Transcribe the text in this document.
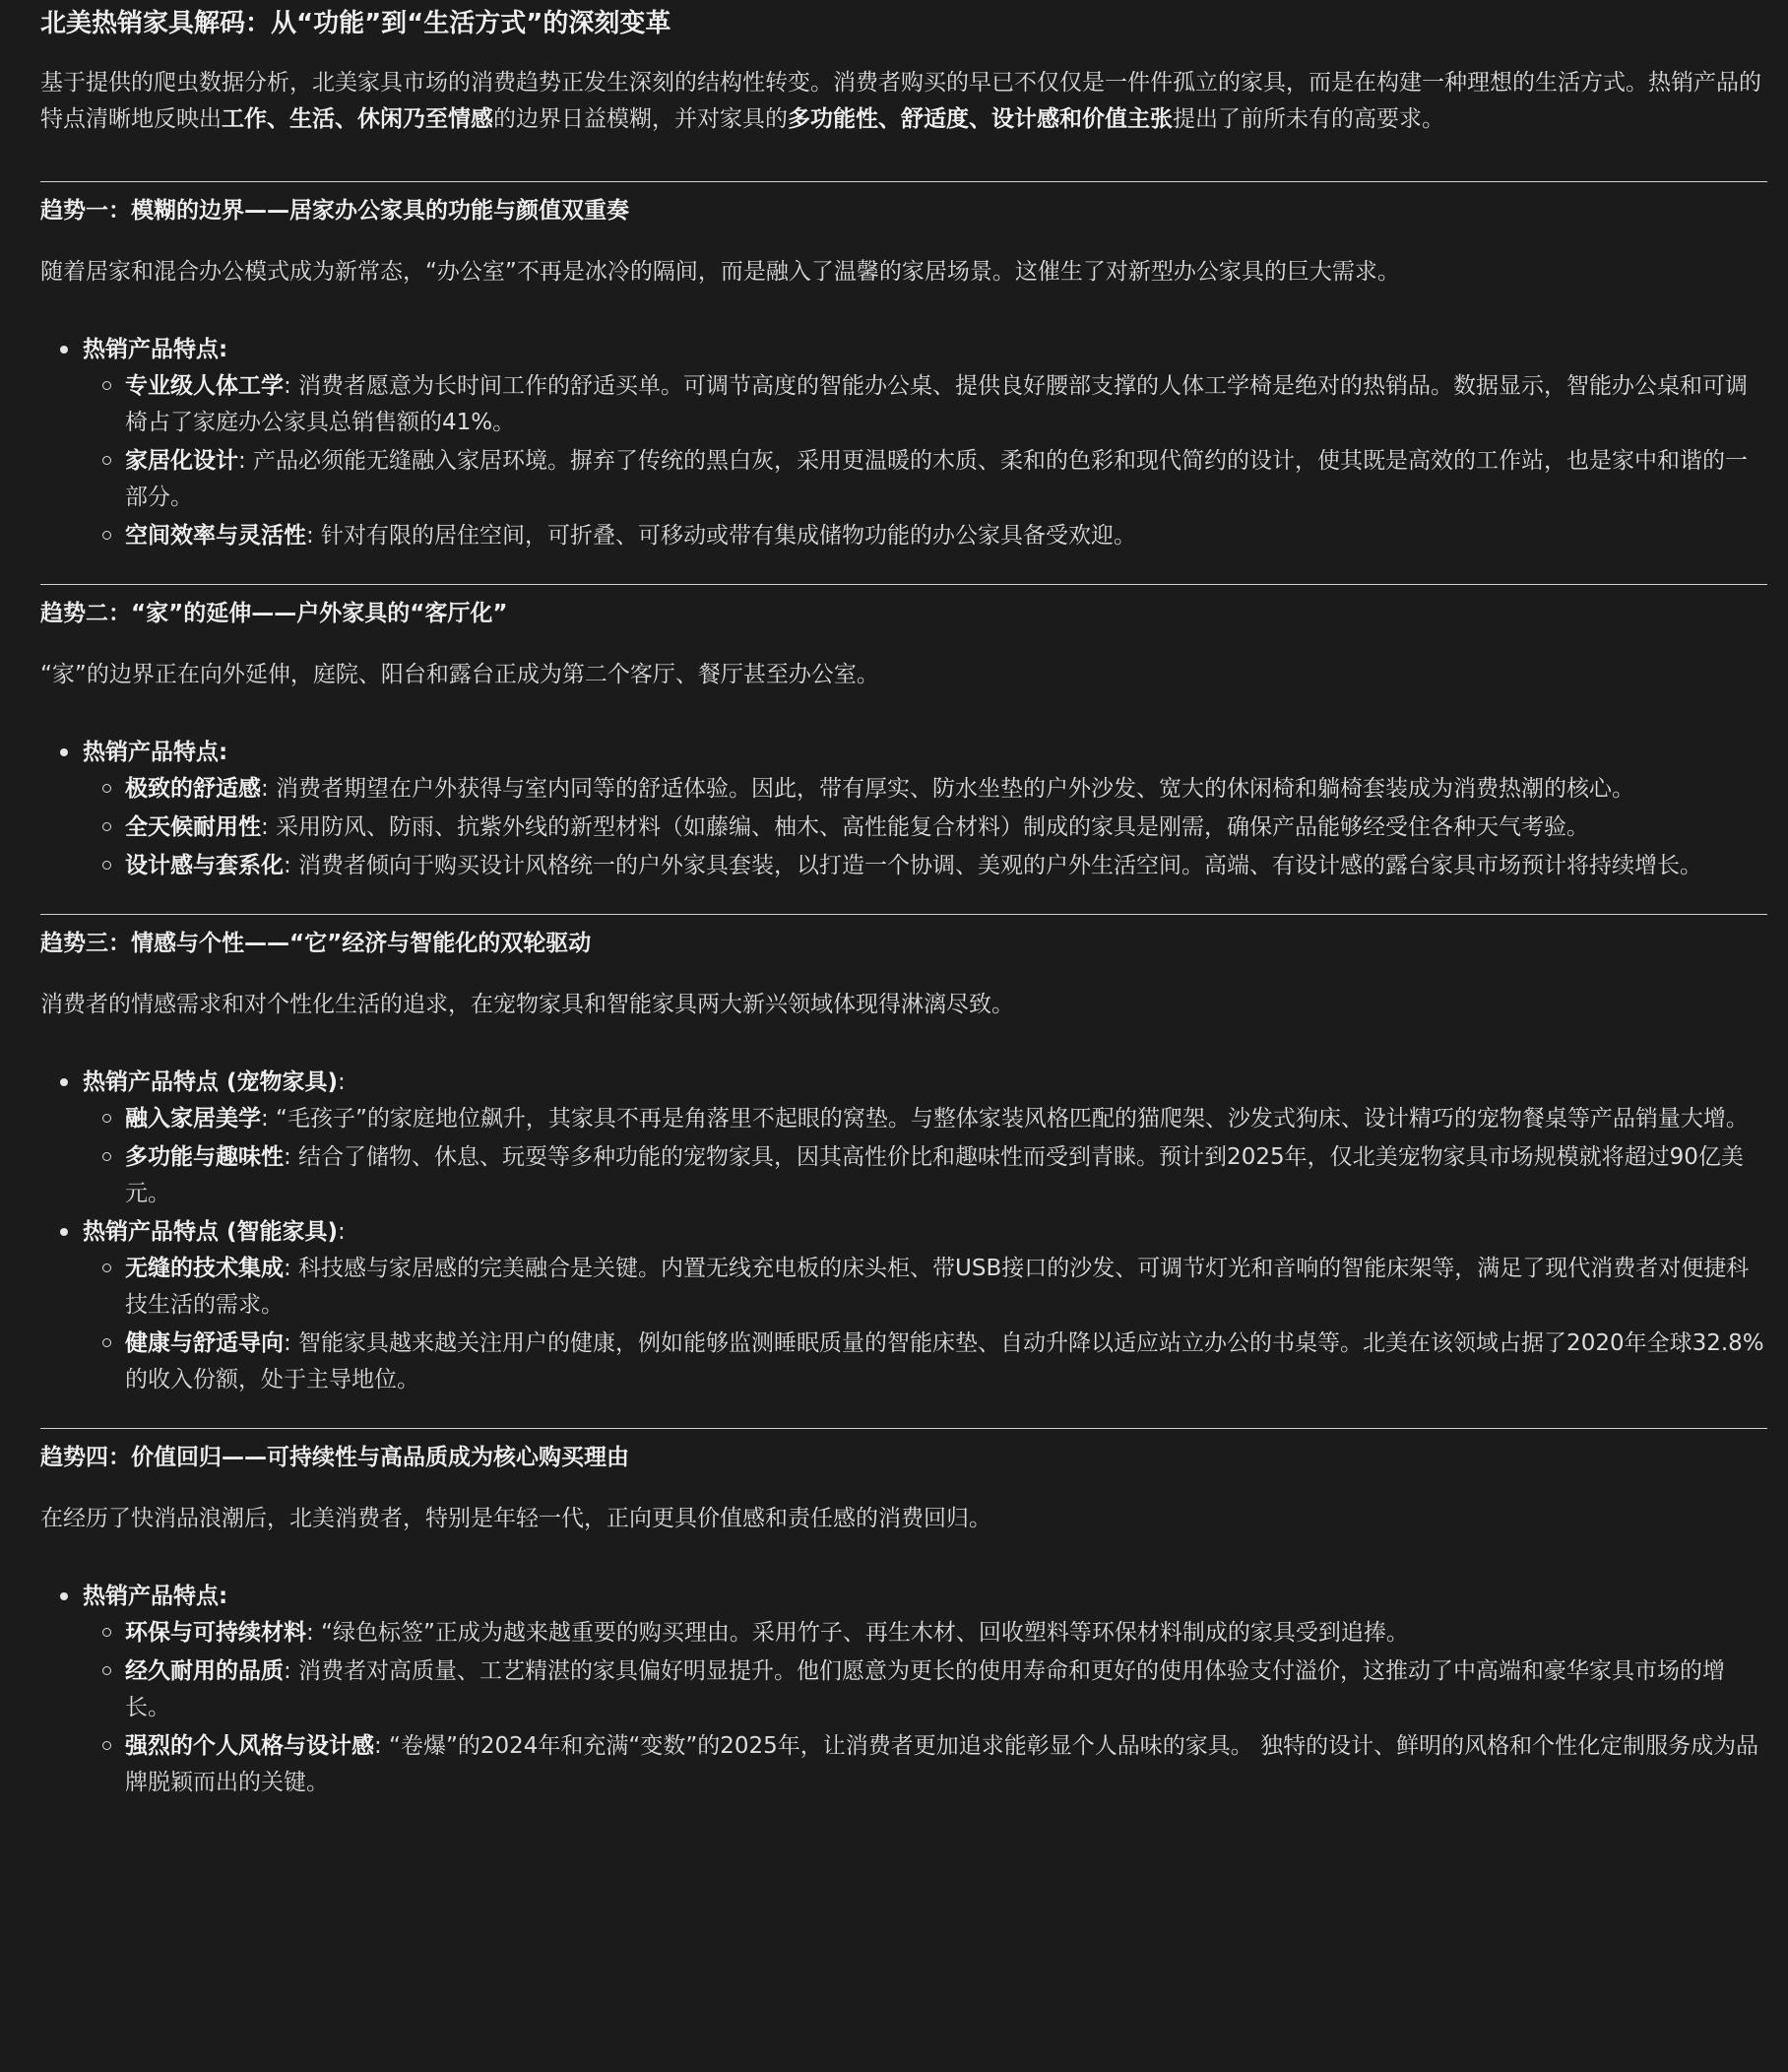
北美热销家具解码：从“功能”到“生活方式”的深刻变革

基于提供的爬虫数据分析，北美家具市场的消费趋势正发生深刻的结构性转变。消费者购买的早已不仅仅是一件件孤立的家具，而是在构建一种理想的生活方式。热销产品的特点清晰地反映出工作、生活、休闲乃至情感的边界日益模糊，并对家具的多功能性、舒适度、设计感和价值主张提出了前所未有的高要求。

趋势一：模糊的边界——居家办公家具的功能与颜值双重奏

随着居家和混合办公模式成为新常态，“办公室”不再是冰冷的隔间，而是融入了温馨的家居场景。这催生了对新型办公家具的巨大需求。

热销产品特点:
专业级人体工学: 消费者愿意为长时间工作的舒适买单。可调节高度的智能办公桌、提供良好腰部支撑的人体工学椅是绝对的热销品。数据显示，智能办公桌和可调椅占了家庭办公家具总销售额的41%。
家居化设计: 产品必须能无缝融入家居环境。摒弃了传统的黑白灰，采用更温暖的木质、柔和的色彩和现代简约的设计，使其既是高效的工作站，也是家中和谐的一部分。
空间效率与灵活性: 针对有限的居住空间，可折叠、可移动或带有集成储物功能的办公家具备受欢迎。
趋势二：“家”的延伸——户外家具的“客厅化”

“家”的边界正在向外延伸，庭院、阳台和露台正成为第二个客厅、餐厅甚至办公室。

热销产品特点:
极致的舒适感: 消费者期望在户外获得与室内同等的舒适体验。因此，带有厚实、防水坐垫的户外沙发、宽大的休闲椅和躺椅套装成为消费热潮的核心。
全天候耐用性: 采用防风、防雨、抗紫外线的新型材料（如藤编、柚木、高性能复合材料）制成的家具是刚需，确保产品能够经受住各种天气考验。
设计感与套系化: 消费者倾向于购买设计风格统一的户外家具套装，以打造一个协调、美观的户外生活空间。高端、有设计感的露台家具市场预计将持续增长。
趋势三：情感与个性——“它”经济与智能化的双轮驱动

消费者的情感需求和对个性化生活的追求，在宠物家具和智能家具两大新兴领域体现得淋漓尽致。

热销产品特点 (宠物家具):
融入家居美学: “毛孩子”的家庭地位飙升，其家具不再是角落里不起眼的窝垫。与整体家装风格匹配的猫爬架、沙发式狗床、设计精巧的宠物餐桌等产品销量大增。
多功能与趣味性: 结合了储物、休息、玩耍等多种功能的宠物家具，因其高性价比和趣味性而受到青睐。预计到2025年，仅北美宠物家具市场规模就将超过90亿美元。
热销产品特点 (智能家具):
无缝的技术集成: 科技感与家居感的完美融合是关键。内置无线充电板的床头柜、带USB接口的沙发、可调节灯光和音响的智能床架等，满足了现代消费者对便捷科技生活的需求。
健康与舒适导向: 智能家具越来越关注用户的健康，例如能够监测睡眠质量的智能床垫、自动升降以适应站立办公的书桌等。北美在该领域占据了2020年全球32.8%的收入份额，处于主导地位。
趋势四：价值回归——可持续性与高品质成为核心购买理由

在经历了快消品浪潮后，北美消费者，特别是年轻一代，正向更具价值感和责任感的消费回归。

热销产品特点:
环保与可持续材料: “绿色标签”正成为越来越重要的购买理由。采用竹子、再生木材、回收塑料等环保材料制成的家具受到追捧。
经久耐用的品质: 消费者对高质量、工艺精湛的家具偏好明显提升。他们愿意为更长的使用寿命和更好的使用体验支付溢价，这推动了中高端和豪华家具市场的增长。
强烈的个人风格与设计感: “卷爆”的2024年和充满“变数”的2025年，让消费者更加追求能彰显个人品味的家具。 独特的设计、鲜明的风格和个性化定制服务成为品牌脱颖而出的关键。
